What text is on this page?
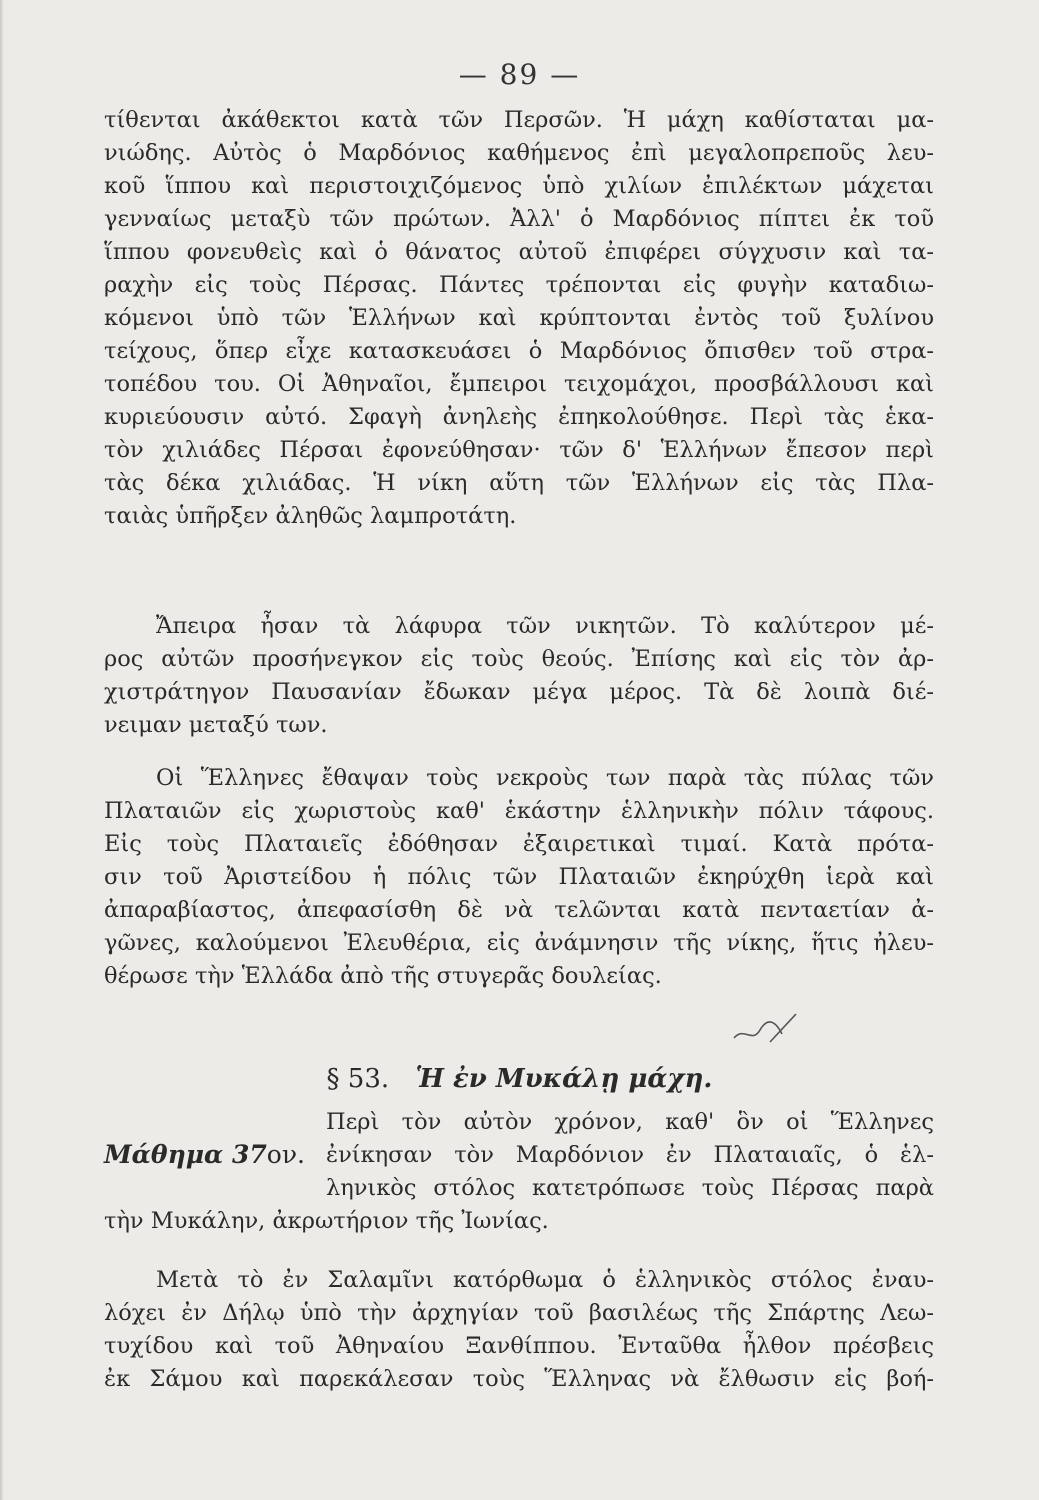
— 89 —
τίθενται ἀκάθεκτοι κατὰ τῶν Περσῶν. Ἡ μάχη καθίσταται μα-
νιώδης. Αὐτὸς ὁ Μαρδόνιος καθήμενος ἐπὶ μεγαλοπρεποῦς λευ-
κοῦ ἵππου καὶ περιστοιχιζόμενος ὑπὸ χιλίων ἐπιλέκτων μάχεται
γενναίως μεταξὺ τῶν πρώτων. Ἀλλ' ὁ Μαρδόνιος πίπτει ἐκ τοῦ
ἵππου φονευθεὶς καὶ ὁ θάνατος αὐτοῦ ἐπιφέρει σύγχυσιν καὶ τα-
ραχὴν εἰς τοὺς Πέρσας. Πάντες τρέπονται εἰς φυγὴν καταδιω-
κόμενοι ὑπὸ τῶν Ἑλλήνων καὶ κρύπτονται ἐντὸς τοῦ ξυλίνου
τείχους, ὅπερ εἶχε κατασκευάσει ὁ Μαρδόνιος ὄπισθεν τοῦ στρα-
τοπέδου του. Οἱ Ἀθηναῖοι, ἔμπειροι τειχομάχοι, προσβάλλουσι καὶ
κυριεύουσιν αὐτό. Σφαγὴ ἀνηλεὴς ἐπηκολούθησε. Περὶ τὰς ἑκα-
τὸν χιλιάδες Πέρσαι ἐφονεύθησαν· τῶν δ' Ἑλλήνων ἔπεσον περὶ
τὰς δέκα χιλιάδας. Ἡ νίκη αὕτη τῶν Ἑλλήνων εἰς τὰς Πλα-
ταιὰς ὑπῆρξεν ἀληθῶς λαμπροτάτη.
Ἄπειρα ἦσαν τὰ λάφυρα τῶν νικητῶν. Τὸ καλύτερον μέ-
ρος αὐτῶν προσήνεγκον εἰς τοὺς θεούς. Ἐπίσης καὶ εἰς τὸν ἀρ-
χιστράτηγον Παυσανίαν ἔδωκαν μέγα μέρος. Τὰ δὲ λοιπὰ διέ-
νειμαν μεταξύ των.
Οἱ Ἕλληνες ἔθαψαν τοὺς νεκροὺς των παρὰ τὰς πύλας τῶν
Πλαταιῶν εἰς χωριστοὺς καθ' ἑκάστην ἑλληνικὴν πόλιν τάφους.
Εἰς τοὺς Πλαταιεῖς ἐδόθησαν ἐξαιρετικαὶ τιμαί. Κατὰ πρότα-
σιν τοῦ Ἀριστείδου ἡ πόλις τῶν Πλαταιῶν ἐκηρύχθη ἱερὰ καὶ
ἀπαραβίαστος, ἀπεφασίσθη δὲ νὰ τελῶνται κατὰ πενταετίαν ἀ-
γῶνες, καλούμενοι Ἐλευθέρια, εἰς ἀνάμνησιν τῆς νίκης, ἥτις ἠλευ-
θέρωσε τὴν Ἑλλάδα ἀπὸ τῆς στυγερᾶς δουλείας.
§ 53. Ἡ ἐν Μυκάλῃ μάχη.
Μάθημα 37ον.
Περὶ τὸν αὐτὸν χρόνον, καθ' ὃν οἱ Ἕλληνες
ἐνίκησαν τὸν Μαρδόνιον ἐν Πλαταιαῖς, ὁ ἑλ-
ληνικὸς στόλος κατετρόπωσε τοὺς Πέρσας παρὰ
τὴν Μυκάλην, ἀκρωτήριον τῆς Ἰωνίας.
Μετὰ τὸ ἐν Σαλαμῖνι κατόρθωμα ὁ ἑλληνικὸς στόλος ἐναυ-
λόχει ἐν Δήλῳ ὑπὸ τὴν ἀρχηγίαν τοῦ βασιλέως τῆς Σπάρτης Λεω-
τυχίδου καὶ τοῦ Ἀθηναίου Ξανθίππου. Ἐνταῦθα ἦλθον πρέσβεις
ἐκ Σάμου καὶ παρεκάλεσαν τοὺς Ἕλληνας νὰ ἔλθωσιν εἰς βοή-
